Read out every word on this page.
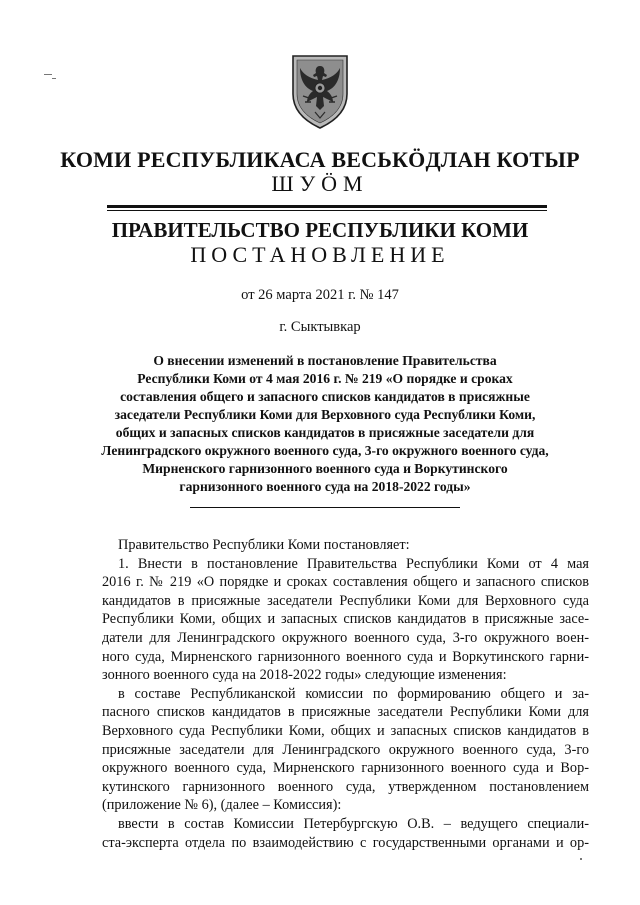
КОМИ РЕСПУБЛИКАСА ВЕСЬКӦДЛАН КОТЫР
ШУӦМ
ПРАВИТЕЛЬСТВО РЕСПУБЛИКИ КОМИ
ПОСТАНОВЛЕНИЕ
от 26 марта 2021 г. № 147
г. Сыктывкар
О внесении изменений в постановление Правительства
Республики Коми от 4 мая 2016 г. № 219 «О порядке и сроках
составления общего и запасного списков кандидатов в присяжные
заседатели Республики Коми для Верховного суда Республики Коми,
общих и запасных списков кандидатов в присяжные заседатели для
Ленинградского окружного военного суда, 3-го окружного военного суда,
Мирненского гарнизонного военного суда и Воркутинского
гарнизонного военного суда на 2018-2022 годы»
Правительство Республики Коми постановляет:
1. Внести в постановление Правительства Республики Коми от 4 мая
2016 г. № 219 «О порядке и сроках составления общего и запасного списков
кандидатов в присяжные заседатели Республики Коми для Верховного суда
Республики Коми, общих и запасных списков кандидатов в присяжные засе-
датели для Ленинградского окружного военного суда, 3-го окружного воен-
ного суда, Мирненского гарнизонного военного суда и Воркутинского гарни-
зонного военного суда на 2018-2022 годы» следующие изменения:
в составе Республиканской комиссии по формированию общего и за-
пасного списков кандидатов в присяжные заседатели Республики Коми для
Верховного суда Республики Коми, общих и запасных списков кандидатов в
присяжные заседатели для Ленинградского окружного военного суда, 3-го
окружного военного суда, Мирненского гарнизонного военного суда и Вор-
кутинского гарнизонного военного суда, утвержденном постановлением
(приложение № 6), (далее – Комиссия):
ввести в состав Комиссии Петербургскую О.В. – ведущего специали-
ста-эксперта отдела по взаимодействию с государственными органами и ор-
